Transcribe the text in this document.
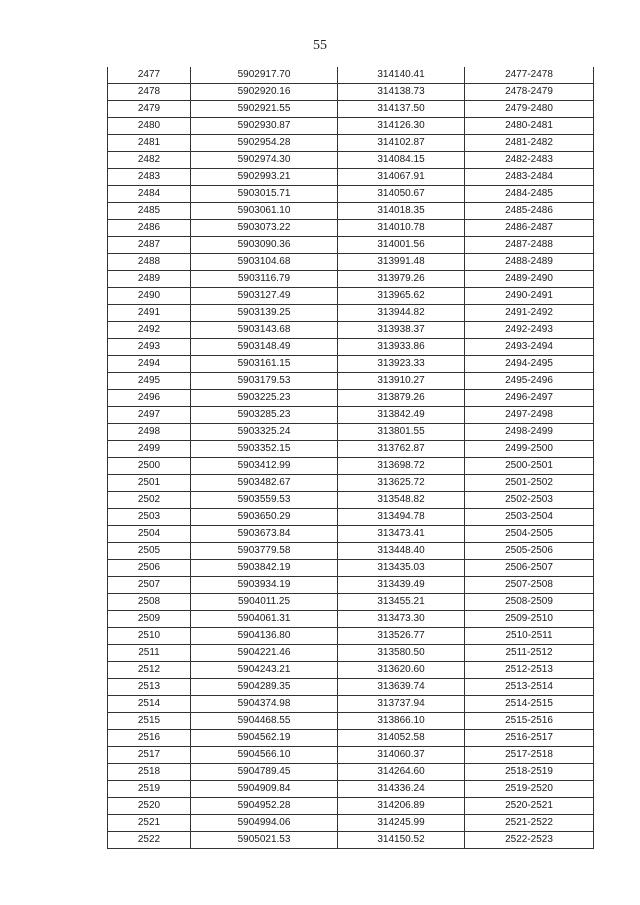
55
2477	5902917.70	314140.41	2477-2478
2478	5902920.16	314138.73	2478-2479
2479	5902921.55	314137.50	2479-2480
2480	5902930.87	314126.30	2480-2481
2481	5902954.28	314102.87	2481-2482
2482	5902974.30	314084.15	2482-2483
2483	5902993.21	314067.91	2483-2484
2484	5903015.71	314050.67	2484-2485
2485	5903061.10	314018.35	2485-2486
2486	5903073.22	314010.78	2486-2487
2487	5903090.36	314001.56	2487-2488
2488	5903104.68	313991.48	2488-2489
2489	5903116.79	313979.26	2489-2490
2490	5903127.49	313965.62	2490-2491
2491	5903139.25	313944.82	2491-2492
2492	5903143.68	313938.37	2492-2493
2493	5903148.49	313933.86	2493-2494
2494	5903161.15	313923.33	2494-2495
2495	5903179.53	313910.27	2495-2496
2496	5903225.23	313879.26	2496-2497
2497	5903285.23	313842.49	2497-2498
2498	5903325.24	313801.55	2498-2499
2499	5903352.15	313762.87	2499-2500
2500	5903412.99	313698.72	2500-2501
2501	5903482.67	313625.72	2501-2502
2502	5903559.53	313548.82	2502-2503
2503	5903650.29	313494.78	2503-2504
2504	5903673.84	313473.41	2504-2505
2505	5903779.58	313448.40	2505-2506
2506	5903842.19	313435.03	2506-2507
2507	5903934.19	313439.49	2507-2508
2508	5904011.25	313455.21	2508-2509
2509	5904061.31	313473.30	2509-2510
2510	5904136.80	313526.77	2510-2511
2511	5904221.46	313580.50	2511-2512
2512	5904243.21	313620.60	2512-2513
2513	5904289.35	313639.74	2513-2514
2514	5904374.98	313737.94	2514-2515
2515	5904468.55	313866.10	2515-2516
2516	5904562.19	314052.58	2516-2517
2517	5904566.10	314060.37	2517-2518
2518	5904789.45	314264.60	2518-2519
2519	5904909.84	314336.24	2519-2520
2520	5904952.28	314206.89	2520-2521
2521	5904994.06	314245.99	2521-2522
2522	5905021.53	314150.52	2522-2523
